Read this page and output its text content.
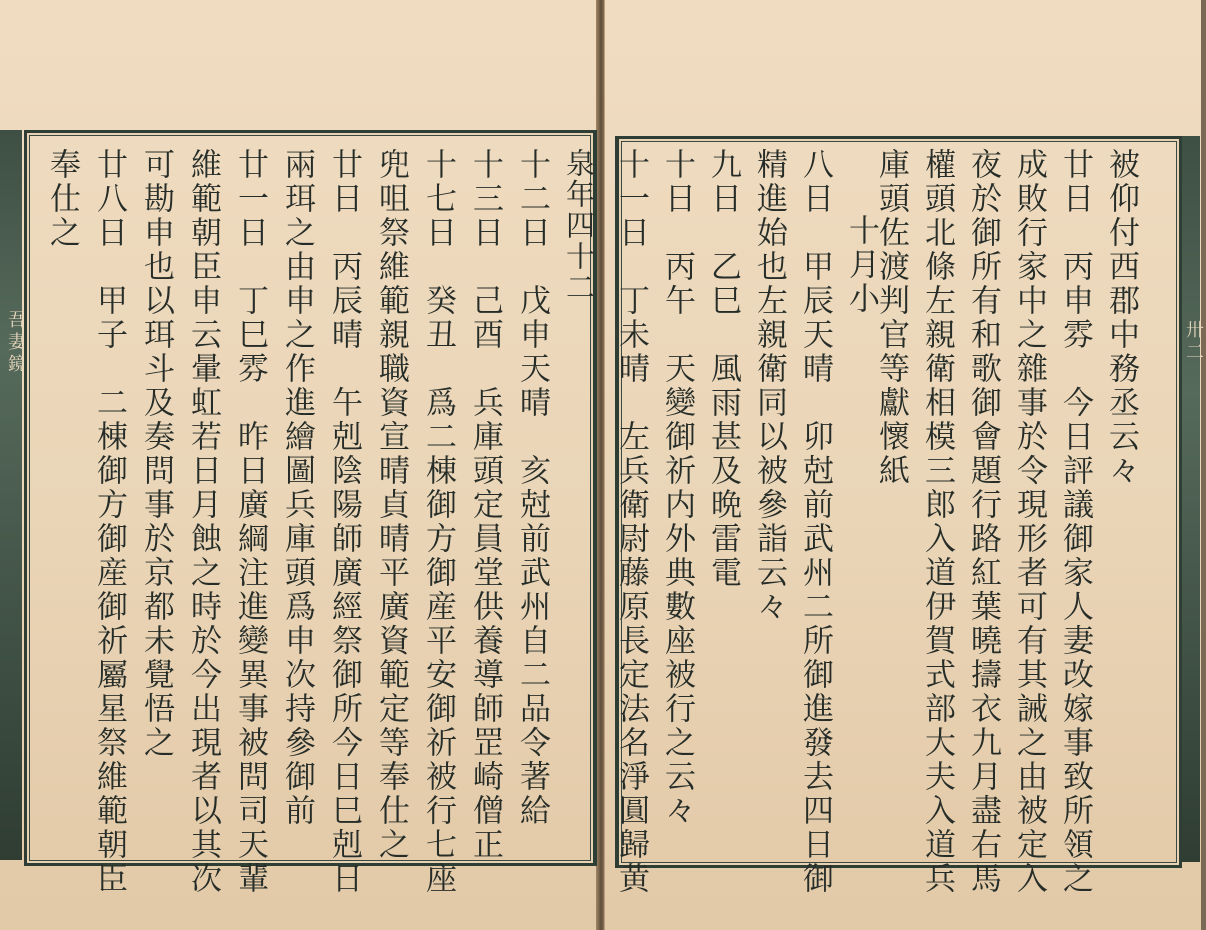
吾妻鏡	卅二
泉年四十二
十二日　戊申天晴　亥尅前武州自二品令著給
十三日　己酉　兵庫頭定員堂供養導師罡崎僧正
十七日　癸丑　爲二棟御方御産平安御祈被行七座
兜咀祭維範親職資宣晴貞晴平廣資範定等奉仕之
廿日　丙辰晴　午剋陰陽師廣經祭御所今日巳剋日
兩珥之由申之作進繪圖兵庫頭爲申次持參御前
廿一日　丁巳雰　昨日廣綱注進變異事被問司天輩
維範朝臣申云暈虹若日月蝕之時於今出現者以其次
可勘申也以珥斗及奏問事於京都未覺悟之
廿八日　甲子　二棟御方御産御祈屬星祭維範朝臣
奉仕之	被仰付西郡中務丞云々
廿日　丙申雰　今日評議御家人妻改嫁事致所領之
成敗行家中之雜事於令現形者可有其誡之由被定入
夜於御所有和歌御會題行路紅葉曉擣衣九月盡右馬
權頭北條左親衛相模三郎入道伊賀式部大夫入道兵
庫頭佐渡判官等獻懷紙
十月小
八日　甲辰天晴　卯尅前武州二所御進發去四日御
精進始也左親衛同以被參詣云々
九日　乙巳　風雨甚及晩雷電
十日　丙午　天變御祈内外典數座被行之云々
十一日　丁未晴　左兵衛尉藤原長定法名淨圓歸黄
